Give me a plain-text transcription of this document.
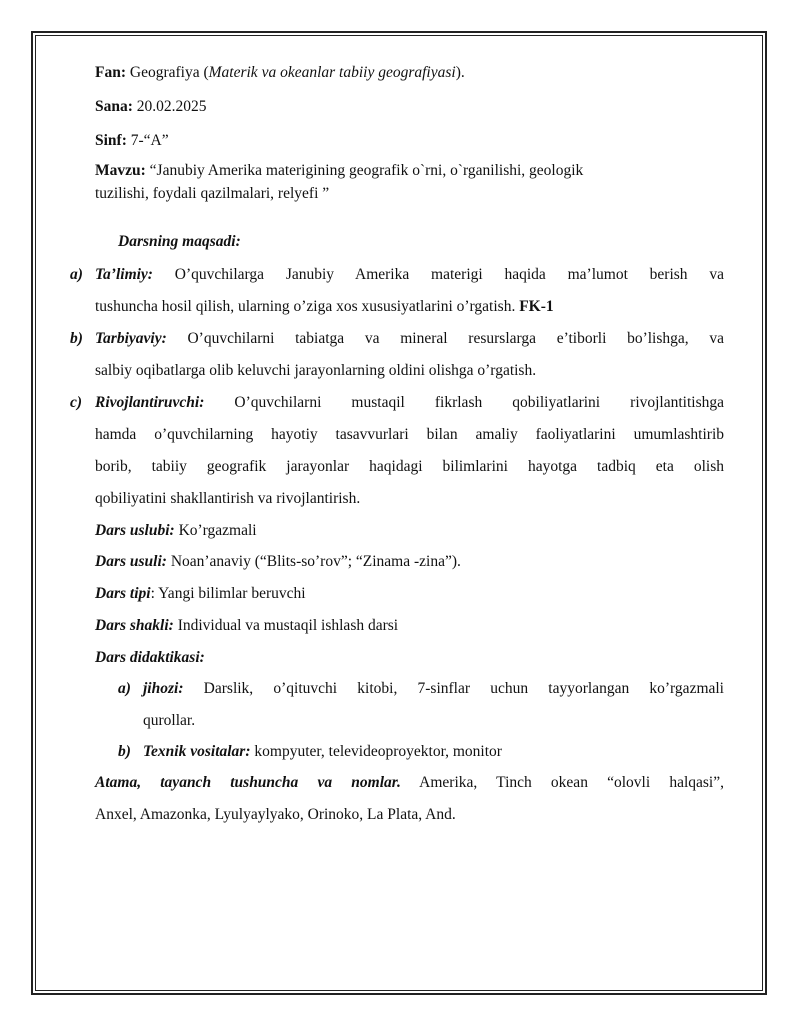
Fan: Geografiya (Materik va okeanlar tabiiy geografiyasi).
Sana: 20.02.2025
Sinf: 7-“A”
Mavzu: “Janubiy Amerika materigining geografik o`rni, o`rganilishi, geologik
tuzilishi, foydali qazilmalari, relyefi ”
Darsning maqsadi:
a) Ta’limiy: O’quvchilarga Janubiy Amerika materigi haqida ma’lumot berish va
tushuncha hosil qilish, ularning o’ziga xos xususiyatlarini o’rgatish. FK-1
b) Tarbiyaviy: O’quvchilarni tabiatga va mineral resurslarga e’tiborli bo’lishga, va
salbiy oqibatlarga olib keluvchi jarayonlarning oldini olishga o’rgatish.
c) Rivojlantiruvchi: O’quvchilarni mustaqil fikrlash qobiliyatlarini rivojlantitishga
hamda o’quvchilarning hayotiy tasavvurlari bilan amaliy faoliyatlarini umumlashtirib
borib, tabiiy geografik jarayonlar haqidagi bilimlarini hayotga tadbiq eta olish
qobiliyatini shakllantirish va rivojlantirish.
Dars uslubi: Ko’rgazmali
Dars usuli: Noan’anaviy (“Blits-so’rov”; “Zinama -zina”).
Dars tipi: Yangi bilimlar beruvchi
Dars shakli: Individual va mustaqil ishlash darsi
Dars didaktikasi:
a) jihozi: Darslik, o’qituvchi kitobi, 7-sinflar uchun tayyorlangan ko’rgazmali
qurollar.
b) Texnik vositalar: kompyuter, televideoproyektor, monitor
Atama, tayanch tushuncha va nomlar. Amerika, Tinch okean “olovli halqasi”,
Anxel, Amazonka, Lyulyaylyako, Orinoko, La Plata, And.
